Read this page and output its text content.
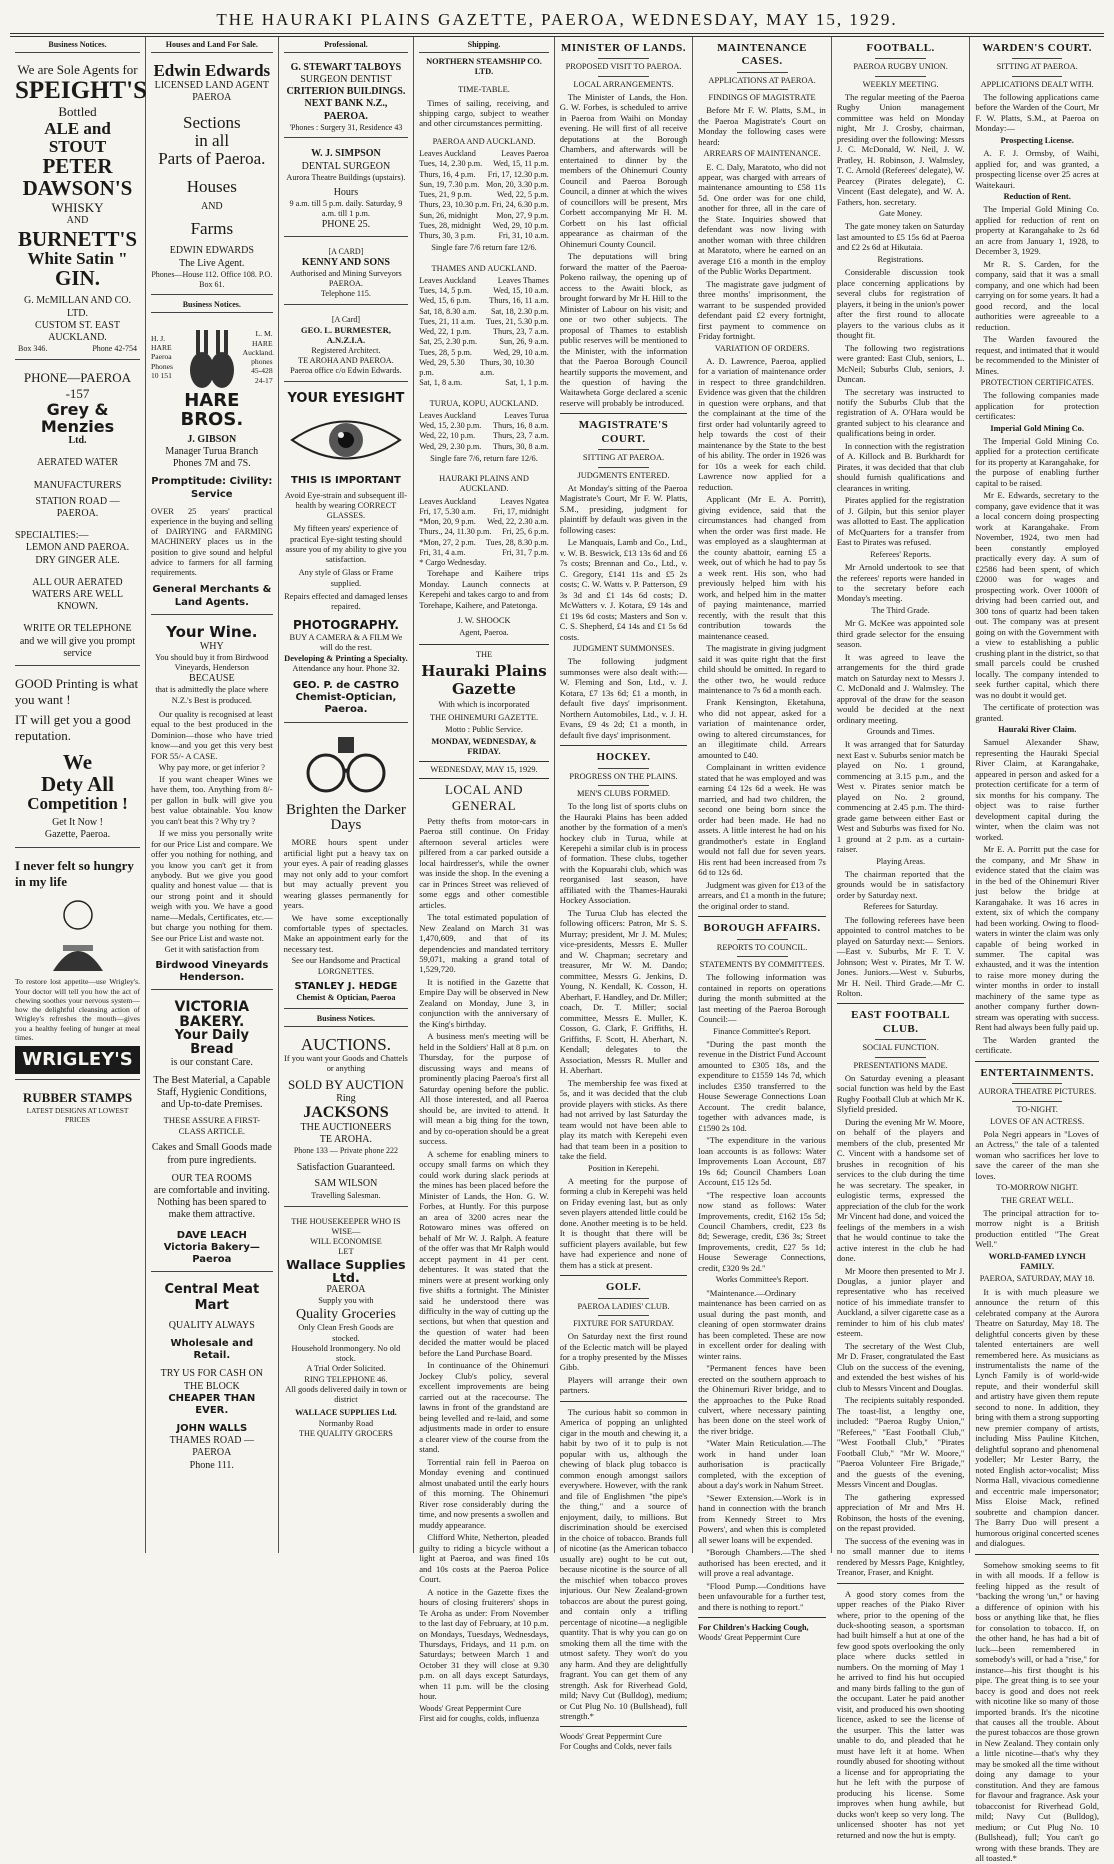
THE HAURAKI PLAINS GAZETTE, PAEROA, WEDNESDAY, MAY 15, 1929.
Business Notices.
We are Sole Agents for
SPEIGHT'S
Bottled
ALE and STOUT
PETER
DAWSON'S
WHISKY
AND
BURNETT'S
White Satin "
GIN.
G. McMILLAN AND CO. LTD.
CUSTOM ST. EAST AUCKLAND.
Box 346.	Phone 42-754
PHONE—PAEROA -157
Grey & Menzies
Ltd.
AERATED WATER
MANUFACTURERS
STATION ROAD — PAEROA.
SPECIALTIES:—
LEMON AND PAEROA.
DRY GINGER ALE.
ALL OUR AERATED WATERS ARE WELL KNOWN.
WRITE OR TELEPHONE and we will give you prompt service
GOOD Printing is what you want !
IT will get you a good reputation.
We
Dety All
Competition !
Get It Now !
Gazette, Paeroa.
I never felt so hungry in my life
To restore lost appetite—use Wrigley's. Your doctor will tell you how the act of chewing soothes your nervous system—how the delightful cleansing action of Wrigley's refreshes the mouth—gives you a healthy feeling of hunger at meal times.
WRIGLEY'S
RUBBER STAMPS
LATEST DESIGNS AT LOWEST PRICES
Houses and Land For Sale.
Edwin Edwards
LICENSED LAND AGENT
PAEROA
Sections
in all
Parts of Paeroa.
Houses
AND
Farms
EDWIN EDWARDS
The Live Agent.
Phones—House 112. Office 108. P.O. Box 61.
Business Notices.
H. J. HARE Paeroa Phones 10 151
L. M. HARE Auckland. phones 45-428 24-17
HARE BROS.
J. GIBSON
Manager Turua Branch
Phones 7M and 7S.
Promptitude: Civility: Service
OVER 25 years' practical experience in the buying and selling of DAIRYING and FARMING MACHINERY places us in the position to give sound and helpful advice to farmers for all farming requirements.
General Merchants & Land Agents.
Your Wine.
WHY
You should buy it from Birdwood Vineyards, Henderson
BECAUSE
that is admittedly the place where N.Z.'s Best is produced.

Our quality is recognised at least equal to the best produced in the Dominion—those who have tried know—and you get this very best FOR 55/- A CASE.

Why pay more, or get inferior ?

If you want cheaper Wines we have them, too. Anything from 8/- per gallon in bulk will give you best value obtainable. You know you can't beat this ? Why try ?

If we miss you personally write for our Price List and compare. We offer you nothing for nothing, and you know you can't get it from anybody. But we give you good quality and honest value — that is our strong point and it should weigh with you. We have a good name—Medals, Certificates, etc.—but charge you nothing for them. See our Price List and waste not.

Get it with satisfaction from
Birdwood Vineyards
Henderson.
VICTORIA BAKERY.
Your Daily Bread
is our constant Care.
The Best Material, a Capable Staff, Hygienic Conditions, and Up-to-date Premises.
THESE ASSURE A FIRST-CLASS ARTICLE.
Cakes and Small Goods made from pure ingredients.
OUR TEA ROOMS
are comfortable and inviting. Nothing has been spared to make them attractive.
DAVE LEACH
Victoria Bakery—Paeroa
Central Meat Mart
QUALITY ALWAYS
Wholesale and Retail.
TRY US FOR CASH ON THE BLOCK
CHEAPER THAN EVER.
JOHN WALLS
THAMES ROAD — PAEROA
Phone 111.
Professional.
G. STEWART TALBOYS
SURGEON DENTIST
CRITERION BUILDINGS. NEXT BANK N.Z., PAEROA.
'Phones : Surgery 31, Residence 43
W. J. SIMPSON
DENTAL SURGEON
Aurora Theatre Buildings (upstairs).
Hours
9 a.m. till 5 p.m. daily. Saturday, 9 a.m. till 1 p.m.
PHONE 25.
[A CARD]
KENNY AND SONS
Authorised and Mining Surveyors PAEROA.
Telephone 115.
[A Card]
GEO. L. BURMESTER, A.N.Z.I.A.
Registered Architect.
TE AROHA AND PAEROA.
Paeroa office c/o Edwin Edwards.
YOUR EYESIGHT
THIS IS IMPORTANT
Avoid Eye-strain and subsequent ill-health by wearing CORRECT GLASSES.
My fifteen years' experience of practical Eye-sight testing should assure you of my ability to give you satisfaction.
Any style of Glass or Frame supplied.
Repairs effected and damaged lenses repaired.
PHOTOGRAPHY.
BUY A CAMERA & A FILM We will do the rest.
Developing & Printing a Specialty.
Attendance any hour. Phone 32.
GEO. P. de CASTRO
Chemist-Optician, Paeroa.
Brighten the Darker Days

MORE hours spent under artificial light put a heavy tax on your eyes. A pair of reading glasses may not only add to your comfort but may actually prevent you wearing glasses permanently for years.

We have some exceptionally comfortable types of spectacles. Make an appointment early for the necessary test.

See our Handsome and Practical LORGNETTES.
STANLEY J. HEDGE
Chemist & Optician, Paeroa
Business Notices.
AUCTIONS.
If you want your Goods and Chattels or anything
SOLD BY AUCTION
Ring
JACKSONS
THE AUCTIONEERS
TE AROHA.
Phone 133 — Private phone 222
Satisfaction Guaranteed.
SAM WILSON
Travelling Salesman.
THE HOUSEKEEPER WHO IS WISE—
WILL ECONOMISE
LET
Wallace Supplies Ltd.
PAEROA
Supply you with
Quality Groceries
Only Clean Fresh Goods are stocked.
Household Ironmongery. No old stock.
A Trial Order Solicited.
RING TELEPHONE 46.
All goods delivered daily in town or district
WALLACE SUPPLIES Ltd.
Normanby Road
THE QUALITY GROCERS
Shipping.
NORTHERN STEAMSHIP CO. LTD.
TIME-TABLE.

Times of sailing, receiving, and shipping cargo, subject to weather and other circumstances permitting.

PAEROA AND AUCKLAND.
Leaves Auckland	Leaves Paeroa
Tues, 14, 2.30 p.m. Wed, 15, 11 p.m.
Thurs, 16, 4 p.m. Fri, 17, 12.30 p.m.
Sun, 19, 7.30 p.m. Mon, 20, 3.30 p.m.
Tues, 21, 9 p.m.	Wed, 22, 5 p.m.
Thurs, 23, 10.30 p.m. Fri, 24, 6.30 p.m.
Sun, 26, midnight Mon, 27, 9 p.m.
Tues, 28, midnight Wed, 29, 10 p.m.
Thurs, 30, 3 p.m.	Fri, 31, 10 a.m.
Single fare 7/6 return fare 12/6.
THAMES AND AUCKLAND.
Leaves Auckland	Leaves Thames
Tues, 14, 5 p.m.	Wed, 15, 10 a.m.
Wed, 15, 6 p.m. Thurs, 16, 11 a.m.
Sat, 18, 8.30 a.m. Sat, 18, 2.30 p.m.
Tues, 21, 11 a.m. Tues, 21, 5.30 p.m.
Wed, 22, 1 p.m.	Thurs, 23, 7 a.m.
Sat, 25, 2.30 p.m.	Sun, 26, 9 a.m.
Tues, 28, 5 p.m.	Wed, 29, 10 a.m.
Wed, 29, 5.30 p.m.
Thurs, 30, 10.30 a.m.
Sat, 1, 8 a.m.	Sat, 1, 1 p.m.
TURUA, KOPU, AUCKLAND.
Leaves Auckland	Leaves Turua
Wed, 15, 2.30 p.m. Thurs, 16, 8 a.m.
Wed, 22, 10 p.m. Thurs, 23, 7 a.m.
Wed, 29, 2.30 p.m. Thurs, 30, 8 a.m.
Single fare 7/6, return fare 12/6.
HAURAKI PLAINS AND AUCKLAND.
Leaves Auckland	Leaves Ngatea
Fri, 17, 5.30 a.m. Fri, 17, midnight
*Mon, 20, 9 p.m. Wed, 22, 2.30 a.m.
Thurs., 24, 11.30 p.m. Fri, 25, 6 p.m.
*Mon, 27, 2 p.m. Tues, 28, 8.30 p.m.
Fri, 31, 4 a.m.	Fri, 31, 7 p.m.
* Cargo Wednesday.

Torehape and Kaihere trips Monday. Launch connects at Kerepehi and takes cargo to and from Torehape, Kaihere, and Patetonga.

J. W. SHOOCK
Agent, Paeroa.
THE
Hauraki Plains Gazette
With which is incorporated
THE OHINEMURI GAZETTE.
Motto : Public Service.
MONDAY, WEDNESDAY, & FRIDAY.
WEDNESDAY, MAY 15, 1929.
LOCAL AND GENERAL

Petty thefts from motor-cars in Paeroa still continue. On Friday afternoon several articles were pilfered from a car parked outside a local hairdresser's, while the owner was inside the shop. In the evening a car in Princes Street was relieved of some eggs and other comestible articles.

The total estimated population of New Zealand on March 31 was 1,470,609, and that of its dependencies and mandated territory 59,071, making a grand total of 1,529,720.

It is notified in the Gazette that Empire Day will be observed in New Zealand on Monday, June 3, in conjunction with the anniversary of the King's birthday.

A business men's meeting will be held in the Soldiers' Hall at 8 p.m. on Thursday, for the purpose of discussing ways and means of prominently placing Paeroa's first all Saturday opening before the public. All those interested, and all Paeroa should be, are invited to attend. It will mean a big thing for the town, and by co-operation should be a great success.

A scheme for enabling miners to occupy small farms on which they could work during slack periods at the mines has been placed before the Minister of Lands, the Hon. G. W. Forbes, at Huntly. For this purpose an area of 3200 acres near the Rotowaro mines was offered on behalf of Mr W. J. Ralph. A feature of the offer was that Mr Ralph would accept payment in 41 per cent. debentures. It was stated that the miners were at present working only five shifts a fortnight. The Minister said he understood there was difficulty in the way of cutting up the sections, but when that question and the question of water had been decided the matter would be placed before the Land Purchase Board.

In continuance of the Ohinemuri Jockey Club's policy, several excellent improvements are being carried out at the racecourse. The lawns in front of the grandstand are being levelled and re-laid, and some adjustments made in order to ensure a clearer view of the course from the stand.

Torrential rain fell in Paeroa on Monday evening and continued almost unabated until the early hours of this morning. The Ohinemuri River rose considerably during the time, and now presents a swollen and muddy appearance.

Clifford White, Netherton, pleaded guilty to riding a bicycle without a light at Paeroa, and was fined 10s and 10s costs at the Paeroa Police Court.

A notice in the Gazette fixes the hours of closing fruiterers' shops in Te Aroha as under: From November to the last day of February, at 10 p.m. on Mondays, Tuesdays, Wednesdays, Thursdays, Fridays, and 11 p.m. on Saturdays; between March 1 and October 31 they will close at 9.30 p.m. on all days except Saturdays, when 11 p.m. will be the closing hour.

Woods' Great Peppermint Cure
First aid for coughs, colds, influenza
MINISTER OF LANDS.
PROPOSED VISIT TO PAEROA.
LOCAL ARRANGEMENTS.

The Minister of Lands, the Hon. G. W. Forbes, is scheduled to arrive in Paeroa from Waihi on Monday evening. He will first of all receive deputations at the Borough Chambers, and afterwards will be entertained to dinner by the members of the Ohinemuri County Council and Paeroa Borough Council, a dinner at which the wives of councillors will be present, Mrs Corbett accompanying Mr H. M. Corbett on his last official appearance as chairman of the Ohinemuri County Council.

The deputations will bring forward the matter of the Paeroa-Pokeno railway, the opening up of access to the Awaiti block, as brought forward by Mr H. Hill to the Minister of Labour on his visit; and one or two other subjects. The proposal of Thames to establish public reserves will be mentioned to the Minister, with the information that the Paeroa Borough Council heartily supports the movement, and the question of having the Waitawheta Gorge declared a scenic reserve will probably be introduced.

MAGISTRATE'S COURT.
SITTING AT PAEROA.
JUDGMENTS ENTERED.

At Monday's sitting of the Paeroa Magistrate's Court, Mr F. W. Platts, S.M., presiding, judgment for plaintiff by default was given in the following cases:

Le Manquais, Lamb and Co., Ltd., v. W. B. Beswick, £13 13s 6d and £6 7s costs; Brennan and Co., Ltd., v. C. Gregory, £141 11s and £5 2s costs; C. W. Watts v. P. Patterson, £9 3s 3d and £1 14s 6d costs; D. McWatters v. J. Kotara, £9 14s and £1 19s 6d costs; Masters and Son v. C. S. Shepherd, £4 14s and £1 5s 6d costs.

JUDGMENT SUMMONSES.

The following judgment summonses were also dealt with:— W. Fleming and Son, Ltd., v. J. Kotara, £7 13s 6d; £1 a month, in default five days' imprisonment. Northern Automobiles, Ltd., v. J. H. Evans, £9 4s 2d; £1 a month, in default five days' imprisonment.

HOCKEY.
PROGRESS ON THE PLAINS.
MEN'S CLUBS FORMED.

To the long list of sports clubs on the Hauraki Plains has been added another by the formation of a men's hockey club in Turua, while at Kerepehi a similar club is in process of formation. These clubs, together with the Kopuarahi club, which was reorganised last season, have affiliated with the Thames-Hauraki Hockey Association.

The Turua Club has elected the following officers: Patron, Mr S. S. Murray; president, Mr J. M. Mules; vice-presidents, Messrs E. Muller and W. Chapman; secretary and treasurer, Mr W. M. Dando; committee, Messrs G. Jenkins, D. Young, N. Kendall, K. Cosson, H. Aberhart, F. Handley, and Dr. Miller; coach, Dr. T. Miller; social committee, Messrs E. Muller, K. Cosson, G. Clark, F. Griffiths, H. Griffiths, F. Scott, H. Aberhart, N. Kendall; delegates to the Association, Messrs R. Muller and H. Aberhart.

The membership fee was fixed at 5s, and it was decided that the club provide players with sticks. As there had not arrived by last Saturday the team would not have been able to play its match with Kerepehi even had that team been in a position to take the field.

Position in Kerepehi.

A meeting for the purpose of forming a club in Kerepehi was held on Friday evening last, but as only seven players attended little could be done. Another meeting is to be held. It is thought that there will be sufficient players available, but few have had experience and none of them has a stick at present.

GOLF.
PAEROA LADIES' CLUB.
FIXTURE FOR SATURDAY.

On Saturday next the first round of the Eclectic match will be played for a trophy presented by the Misses Gibb.

Players will arrange their own partners.

The curious habit so common in America of popping an unlighted cigar in the mouth and chewing it, a habit by two of it to pulp is not popular with us, although the chewing of black plug tobacco is common enough amongst sailors everywhere. However, with the rank and file of Englishmen "the pipe's the thing," and a source of enjoyment, daily, to millions. But discrimination should be exercised in the choice of tobacco. Brands full of nicotine (as the American tobacco usually are) ought to be cut out, because nicotine is the source of all the mischief when tobacco proves injurious. Our New Zealand-grown tobaccos are about the purest going, and contain only a trifling percentage of nicotine—a negligible quantity. That is why you can go on smoking them all the time with the utmost safety. They won't do you any harm. And they are delightfully fragrant. You can get them of any strength. Ask for Riverhead Gold, mild; Navy Cut (Bulldog), medium; or Cut Plug No. 10 (Bullshead), full strength.*

Woods' Great Peppermint Cure
For Coughs and Colds, never fails
MAINTENANCE CASES.
APPLICATIONS AT PAEROA.
FINDINGS OF MAGISTRATE

Before Mr F. W. Platts, S.M., in the Paeroa Magistrate's Court on Monday the following cases were heard:

ARREARS OF MAINTENANCE.

E. C. Daly, Maratoto, who did not appear, was charged with arrears of maintenance amounting to £58 11s 5d. One order was for one child, another for three, all in the care of the State. Inquiries showed that defendant was now living with another woman with three children at Maratoto, where he earned on an average £16 a month in the employ of the Public Works Department.

The magistrate gave judgment of three months' imprisonment, the warrant to be suspended provided defendant paid £2 every fortnight, first payment to commence on Friday fortnight.

VARIATION OF ORDERS.

A. D. Lawrence, Paeroa, applied for a variation of maintenance order in respect to three grandchildren. Evidence was given that the children in question were orphans, and that the complainant at the time of the first order had voluntarily agreed to help towards the cost of their maintenance by the State to the best of his ability. The order in 1926 was for 10s a week for each child. Lawrence now applied for a reduction.

Applicant (Mr E. A. Porritt), giving evidence, said that the circumstances had changed from when the order was first made. He was employed as a slaughterman at the county abattoir, earning £5 a week, out of which he had to pay 5s a week rent. His son, who had previously helped him with his work, and helped him in the matter of paying maintenance, married recently, with the result that this contribution towards the maintenance ceased.

The magistrate in giving judgment said it was quite right that the first child should be omitted. In regard to the other two, he would reduce maintenance to 7s 6d a month each.

Frank Kensington, Eketahuna, who did not appear, asked for a variation of maintenance order, owing to altered circumstances, for an illegitimate child. Arrears amounted to £40.

Complainant in written evidence stated that he was employed and was earning £4 12s 6d a week. He was married, and had two children, the second one being born since the order had been made. He had no assets. A little interest he had on his grandmother's estate in England would not fall due for seven years. His rent had been increased from 7s 6d to 12s 6d.

Judgment was given for £13 of the arrears, and £1 a month in the future; the original order to stand.

BOROUGH AFFAIRS.
REPORTS TO COUNCIL.
STATEMENTS BY COMMITTEES.

The following information was contained in reports on operations during the month submitted at the last meeting of the Paeroa Borough Council:—

Finance Committee's Report.

"During the past month the revenue in the District Fund Account amounted to £305 18s, and the expenditure to £1559 14s 7d, which includes £350 transferred to the House Sewerage Connections Loan Account. The credit balance, together with advances made, is £1590 2s 10d.

"The expenditure in the various loan accounts is as follows: Water Improvements Loan Account, £87 19s 6d; Council Chambers Loan Account, £15 12s 5d.

"The respective loan accounts now stand as follows: Water Improvements, credit, £162 15s 5d; Council Chambers, credit, £23 8s 8d; Sewerage, credit, £36 3s; Street Improvements, credit, £27 5s 1d; House Sewerage Connections, credit, £320 9s 2d."

Works Committee's Report.

"Maintenance.—Ordinary maintenance has been carried on as usual during the past month, and cleaning of open stormwater drains has been completed. These are now in excellent order for dealing with winter rains.

"Permanent fences have been erected on the southern approach to the Ohinemuri River bridge, and to the approaches to the Puke Road culvert, where necessary painting has been done on the steel work of the river bridge.

"Water Main Reticulation.—The work in hand under loan authorisation is practically completed, with the exception of about a day's work in Nahum Street.

"Sewer Extension.—Work is in hand in connection with the branch from Kennedy Street to Mrs Powers', and when this is completed all sewer loans will be expended.

"Borough Chambers.—The shed authorised has been erected, and it will prove a real advantage.

"Flood Pump.—Conditions have been unfavourable for a further test, and there is nothing to report."

For Children's Hacking Cough,
Woods' Great Peppermint Cure
FOOTBALL.
PAEROA RUGBY UNION.
WEEKLY MEETING.

The regular meeting of the Paeroa Rugby Union management committee was held on Monday night, Mr J. Crosby, chairman, presiding over the following: Messrs J. C. McDonald, W. Neil, J. W. Pratley, H. Robinson, J. Walmsley, T. C. Arnold (Referees' delegate), W. Pearcey (Pirates delegate), C. Vincent (East delegate), and W. A. Fathers, hon. secretary.

Gate Money.

The gate money taken on Saturday last amounted to £5 15s 6d at Paeroa and £2 2s 6d at Hikutaia.

Registrations.

Considerable discussion took place concerning applications by several clubs for registration of players, it being in the union's power after the first round to allocate players to the various clubs as it thought fit.

The following two registrations were granted: East Club, seniors, L. McNeil; Suburbs Club, seniors, J. Duncan.

The secretary was instructed to notify the Suburbs Club that the registration of A. O'Hara would be granted subject to his clearance and qualifications being in order.

In connection with the registration of A. Killock and B. Burkhardt for Pirates, it was decided that that club should furnish qualifications and clearances in writing.

Pirates applied for the registration of J. Gilpin, but this senior player was allotted to East. The application of McQuarters for a transfer from East to Pirates was refused.

Referees' Reports.

Mr Arnold undertook to see that the referees' reports were handed in to the secretary before each Monday's meeting.

The Third Grade.

Mr G. McKee was appointed sole third grade selector for the ensuing season.

It was agreed to leave the arrangements for the third grade match on Saturday next to Messrs J. C. McDonald and J. Walmsley. The approval of the draw for the season would be decided at the next ordinary meeting.

Grounds and Times.

It was arranged that for Saturday next East v. Suburbs senior match be played on No. 1 ground, commencing at 3.15 p.m., and the West v. Pirates senior match be played on No. 2 ground, commencing at 2.45 p.m. The third-grade game between either East or West and Suburbs was fixed for No. 1 ground at 2 p.m. as a curtain-raiser.

Playing Areas.

The chairman reported that the grounds would be in satisfactory order by Saturday next.

Referees for Saturday.

The following referees have been appointed to control matches to be played on Saturday next:— Seniors.—East v. Suburbs, Mr F. T. V. Johnson; West v. Pirates, Mr T. W. Jones. Juniors.—West v. Suburbs, Mr H. Neil. Third Grade.—Mr C. Rolton.

EAST FOOTBALL CLUB.
SOCIAL FUNCTION.
PRESENTATIONS MADE.

On Saturday evening a pleasant social function was held by the East Rugby Football Club at which Mr K. Slyfield presided.

During the evening Mr W. Moore, on behalf of the players and members of the club, presented Mr C. Vincent with a handsome set of brushes in recognition of his services to the club during the time he was secretary. The speaker, in eulogistic terms, expressed the appreciation of the club for the work Mr Vincent had done, and voiced the feelings of the members in a wish that he would continue to take the active interest in the club he had done.

Mr Moore then presented to Mr J. Douglas, a junior player and representative who has received notice of his immediate transfer to Auckland, a silver cigarette case as a reminder to him of his club mates' esteem.

The secretary of the West Club, Mr D. Fraser, congratulated the East Club on the success of the evening, and extended the best wishes of his club to Messrs Vincent and Douglas.

The recipients suitably responded. The toast-list, a lengthy one, included: "Paeroa Rugby Union," "Referees," "East Football Club," "West Football Club," "Pirates Football Club," "Mr W. Moore," "Paeroa Volunteer Fire Brigade," and the guests of the evening, Messrs Vincent and Douglas.

The gathering expressed appreciation of Mr and Mrs H. Robinson, the hosts of the evening, on the repast provided.

The success of the evening was in no small manner due to items rendered by Messrs Page, Knightley, Treanor, Fraser, and Knight.

A good story comes from the upper reaches of the Piako River where, prior to the opening of the duck-shooting season, a sportsman had built himself a hut at one of the few good spots overlooking the only place where ducks settled in numbers. On the morning of May 1 he arrived to find his hut occupied and many birds falling to the gun of the occupant. Later he paid another visit, and produced his own shooting licence, asked to see the license of the usurper. This the latter was unable to do, and pleaded that he must have left it at home. When roundly abused for shooting without a license and for appropriating the hut he left with the purpose of producing his license. Some improves when hung awhile, but ducks won't keep so very long. The unlicensed shooter has not yet returned and now the hut is empty.

WARDEN'S COURT.
SITTING AT PAEROA.
APPLICATIONS DEALT WITH.

The following applications came before the Warden of the Court, Mr F. W. Platts, S.M., at Paeroa on Monday:—

Prospecting License.

A. F. J. Ormsby, of Waihi, applied for, and was granted, a prospecting license over 25 acres at Waitekauri.

Reduction of Rent.

The Imperial Gold Mining Co. applied for reduction of rent on property at Karangahake to 2s 6d an acre from January 1, 1928, to December 3, 1929.

Mr R. S. Carden, for the company, said that it was a small company, and one which had been carrying on for some years. It had a good record, and the local authorities were agreeable to a reduction.

The Warden favoured the request, and intimated that it would be recommended to the Minister of Mines.

PROTECTION CERTIFICATES.

The following companies made application for protection certificates:

Imperial Gold Mining Co.

The Imperial Gold Mining Co. applied for a protection certificate for its property at Karangahake, for the purpose of enabling further capital to be raised.

Mr E. Edwards, secretary to the company, gave evidence that it was a local concern doing prospecting work at Karangahake. From November, 1924, two men had been constantly employed practically every day. A sum of £2586 had been spent, of which £2000 was for wages and prospecting work. Over 1000ft of driving had been carried out, and 300 tons of quartz had been taken out. The company was at present going on with the Government with a view to establishing a public crushing plant in the district, so that small parcels could be crushed locally. The company intended to seek further capital, which there was no doubt it would get.

The certificate of protection was granted.

Hauraki River Claim.

Samuel Alexander Shaw, representing the Hauraki Special River Claim, at Karangahake, appeared in person and asked for a protection certificate for a term of six months for his company. The object was to raise further development capital during the winter, when the claim was not worked.

Mr E. A. Porritt put the case for the company, and Mr Shaw in evidence stated that the claim was in the bed of the Ohinemuri River just below the bridge at Karangahake. It was 16 acres in extent, six of which the company had been working. Owing to flood-waters in winter the claim was only capable of being worked in summer. The capital was exhausted, and it was the intention to raise more money during the winter months in order to install machinery of the same type as another company further down-stream was operating with success. Rent had always been fully paid up.

The Warden granted the certificate.

ENTERTAINMENTS.
AURORA THEATRE PICTURES.
TO-NIGHT.
LOVES OF AN ACTRESS.

Pola Negri appears in "Loves of an Actress," the tale of a talented woman who sacrifices her love to save the career of the man she loves.

TO-MORROW NIGHT.
THE GREAT WELL.

The principal attraction for to-morrow night is a British production entitled "The Great Well."

WORLD-FAMED LYNCH FAMILY.
PAEROA, SATURDAY, MAY 18.

It is with much pleasure we announce the return of this celebrated company at the Aurora Theatre on Saturday, May 18. The delightful concerts given by these talented entertainers are well remembered here. As musicians as instrumentalists the name of the Lynch Family is of world-wide repute, and their wonderful skill and artistry have given them repute second to none. In addition, they bring with them a strong supporting new premier company of artists, including Miss Pauline Kitchen, delightful soprano and phenomenal yodeller; Mr Lester Barry, the noted English actor-vocalist; Miss Norma Hall, vivacious comedienne and eccentric male impersonator; Miss Eloise Mack, refined soubrette and champion dancer. The Barry Duo will present a humorous original concerted scenes and dialogues.

Somehow smoking seems to fit in with all moods. If a fellow is feeling hipped as the result of "backing the wrong 'un," or having a difference of opinion with his boss or anything like that, he flies for consolation to tobacco. If, on the other hand, he has had a bit of luck—been remembered in somebody's will, or had a "rise," for instance—his first thought is his pipe. The great thing is to see your baccy is good and does not reek with nicotine like so many of those imported brands. It's the nicotine that causes all the trouble. About the purest tobaccos are those grown in New Zealand. They contain only a little nicotine—that's why they may be smoked all the time without doing any damage to your constitution. And they are famous for flavour and fragrance. Ask your tobacconist for Riverhead Gold, mild; Navy Cut (Bulldog), medium; or Cut Plug No. 10 (Bullshead), full; You can't go wrong with these brands. They are all toasted.*
